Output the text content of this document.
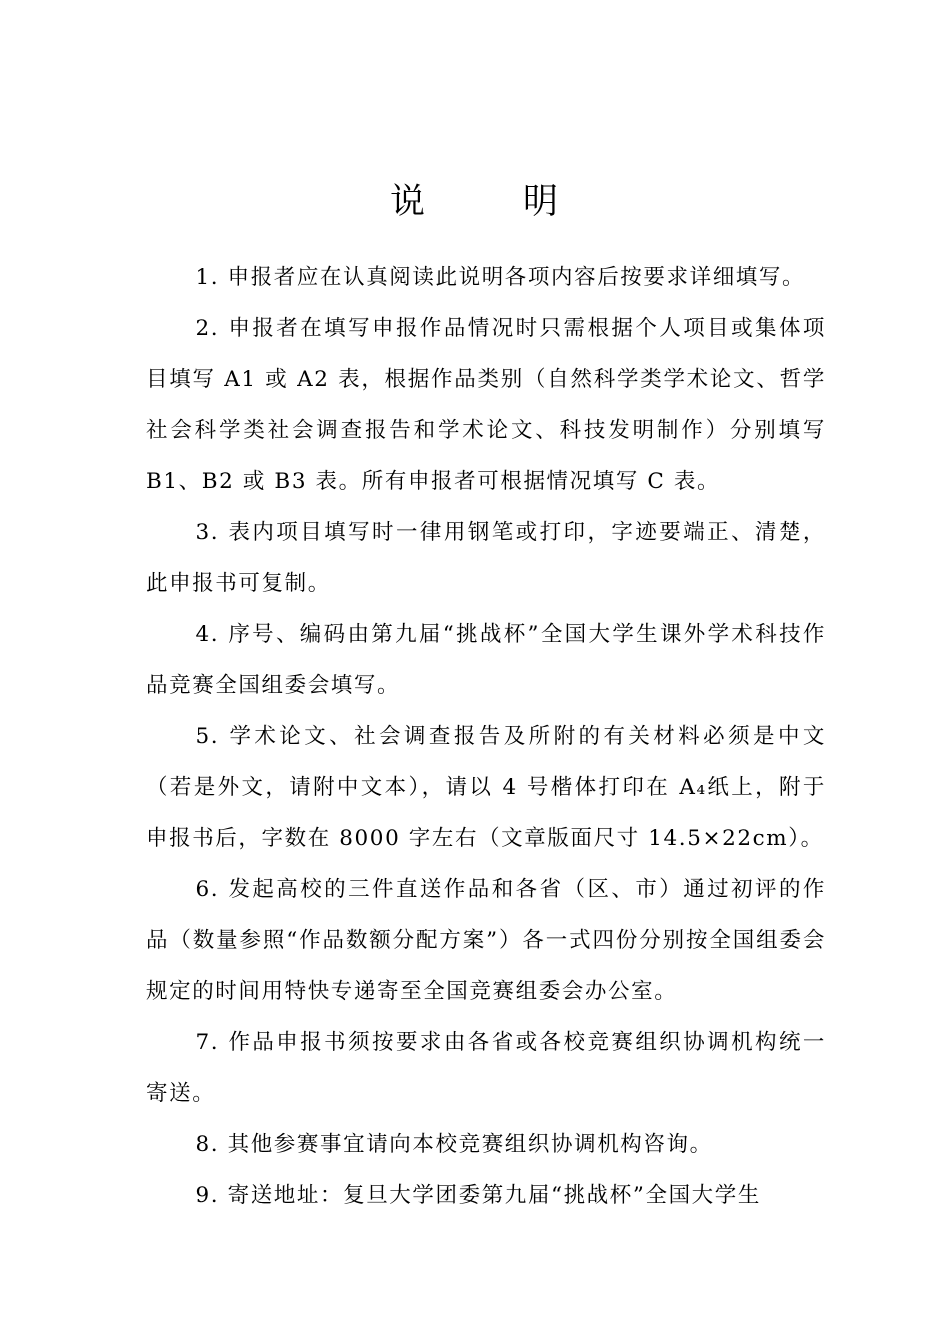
说	明

1. 申报者应在认真阅读此说明各项内容后按要求详细填写。

2. 申报者在填写申报作品情况时只需根据个人项目或集体项目填写 A1 或 A2 表，根据作品类别（自然科学类学术论文、哲学社会科学类社会调查报告和学术论文、科技发明制作）分别填写 B1、B2 或 B3 表。所有申报者可根据情况填写 C 表。

3. 表内项目填写时一律用钢笔或打印，字迹要端正、清楚，此申报书可复制。

4. 序号、编码由第九届“挑战杯”全国大学生课外学术科技作品竞赛全国组委会填写。

5. 学术论文、社会调查报告及所附的有关材料必须是中文（若是外文，请附中文本），请以 4 号楷体打印在 A₄纸上，附于申报书后，字数在 8000 字左右（文章版面尺寸 14.5×22cm）。

6. 发起高校的三件直送作品和各省（区、市）通过初评的作品（数量参照“作品数额分配方案”）各一式四份分别按全国组委会规定的时间用特快专递寄至全国竞赛组委会办公室。

7. 作品申报书须按要求由各省或各校竞赛组织协调机构统一寄送。

8. 其他参赛事宜请向本校竞赛组织协调机构咨询。

9. 寄送地址：复旦大学团委第九届“挑战杯”全国大学生
